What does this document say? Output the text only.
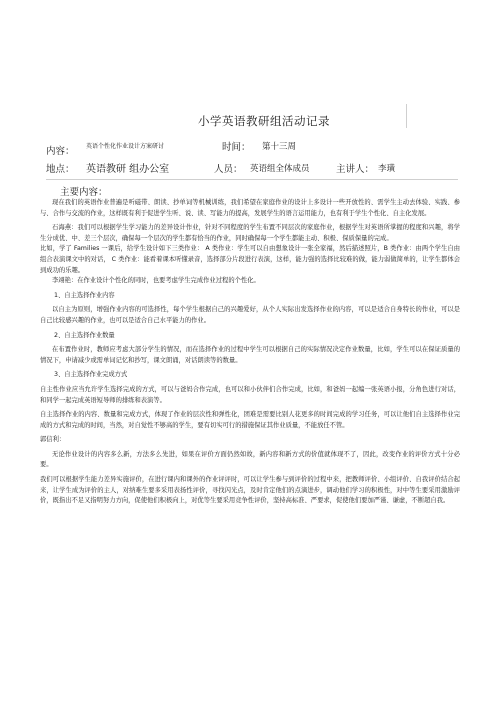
小学英语教研组活动记录
内容： 英语个性化作业设计方案研讨	时间： 第十三周
地点： 英语教研 组办公室	人员： 英语组全体成员	主讲人： 李璜
主要内容：

现在我们的英语作业普遍是听磁带、朗读、抄单词等机械训练，我们希望在家庭作业的设计上多设计一些开放性的、需学生主动去体验、实践、参与、合作与交流的作业，这样既有利于促进学生听、说、读、写能力的提高，发展学生的语言运用能力，也有利于学生个性化、自主化发展。

石海燕：我们可以根据学生学习能力的差异设计作业，针对不同程度的学生布置不同层次的家庭作业，根据学生对英语所掌握的程度和兴趣，将学生分成优、中、差三个层次，确保每一个层次的学生都有恰当的作业，同时确保每一个学生都能主动、积极、保质保量的完成。

比如，学了 Families 一课后，给学生设计如下三类作业： A 类作业：学生可以自由想象设计一张全家福，然后描述照片，B 类作业：由两个学生自由组合表演课文中的对话， C 类作业：能看着课本听懂录音，选择部分片段进行表演，这样，能力强的选择比较难的做，能力弱做简单的，让学生都体会到成功的乐趣。

李翊艳：在作业设计个性化的同时，也要考虑学生完成作业过程的个性化。

1、自主选择作业内容

以自主为原则，增强作业内容的可选择性，每个学生根据自己的兴趣爱好，从个人实际出发选择作业的内容，可以是适合自身特长的作业，可以是自己比较感兴趣的作业，也可以是适合自己水平能力的作业。

2、自主选择作业数量

在布置作业时，教师应考虑大部分学生的情况，而在选择作业的过程中学生可以根据自己的实际情况决定作业数量，比如，学生可以在保证质量的情况下，申请减少或需单词记忆和抄写，课文朗诵，对话朗读等的数量。

3、自主选择作业完成方式

自主性作业应当允许学生选择完成的方式，可以与爸妈合作完成，也可以和小伙伴们合作完成，比如，和爸妈一起编一张英语小报，分角色进行对话，和同学一起完成英语短导师的排练和表演等。

自主选择作业的内容、数量和完成方式，体现了作业的层次性和弹性化，团难是需要比别人花更多的时间完成的学习任务，可以让他们自主选择作业完成的方式和完成的时间，当然，对自觉性不够高的学生，要有切实可行的措施保证其作业质量，不能放任不管。

郭信利：

无论作业设计的内容多么新，方法多么先进，如果在评价方面仍然如故，新内容和新方式的价值就体现不了，因此，改变作业的评价方式十分必要。

我们可以根据学生能力差异实施评价，在进行课内和课外的作业评评时，可以让学生参与到评价的过程中来，把教师评价、小组评价、自我评价结合起来，让学生成为评价的主人，对纳难生要多采用表扬性评价，寻找闪光点，及时肯定他们的点滴进步，调动他们学习的积极性，对中等生要采用激励评价，既指出不足又指明努力方向，促使他们积极向上，对优等生要采用竞争性评价，坚持高标准、严要求，促使他们要加严谨、谦虚，不断超自我。
